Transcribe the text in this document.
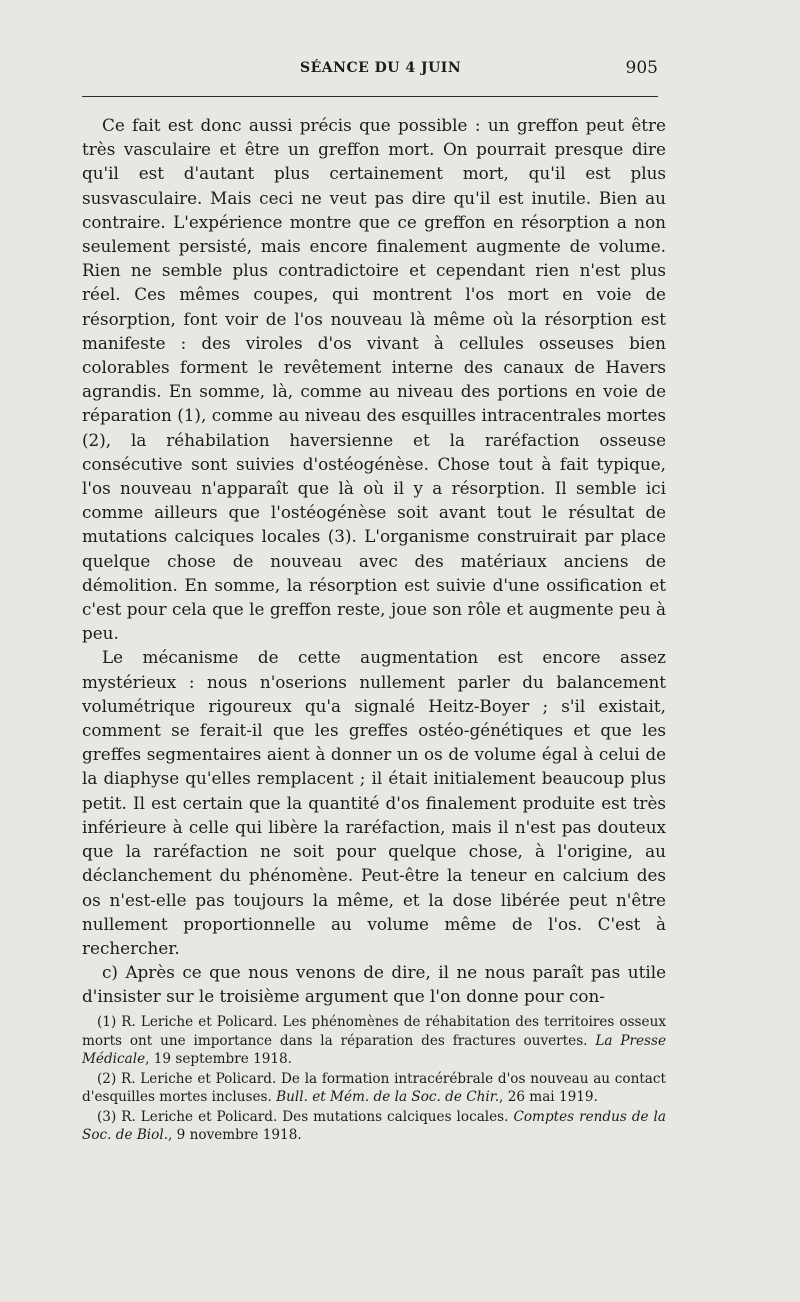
SÉANCE DU 4 JUIN	905

Ce fait est donc aussi précis que possible : un greffon peut être très vasculaire et être un greffon mort. On pourrait presque dire qu'il est d'autant plus certainement mort, qu'il est plus susvasculaire. Mais ceci ne veut pas dire qu'il est inutile. Bien au contraire. L'expérience montre que ce greffon en résorption a non seulement persisté, mais encore finalement augmente de volume. Rien ne semble plus contradictoire et cependant rien n'est plus réel. Ces mêmes coupes, qui montrent l'os mort en voie de résorption, font voir de l'os nouveau là même où la résorption est manifeste : des viroles d'os vivant à cellules osseuses bien colorables forment le revêtement interne des canaux de Havers agrandis. En somme, là, comme au niveau des portions en voie de réparation (1), comme au niveau des esquilles intracentrales mortes (2), la réhabilation haversienne et la raréfaction osseuse consécutive sont suivies d'ostéogénèse. Chose tout à fait typique, l'os nouveau n'apparaît que là où il y a résorption. Il semble ici comme ailleurs que l'ostéogénèse soit avant tout le résultat de mutations calciques locales (3). L'organisme construirait par place quelque chose de nouveau avec des matériaux anciens de démolition. En somme, la résorption est suivie d'une ossification et c'est pour cela que le greffon reste, joue son rôle et augmente peu à peu.

Le mécanisme de cette augmentation est encore assez mystérieux : nous n'oserions nullement parler du balancement volumétrique rigoureux qu'a signalé Heitz-Boyer ; s'il existait, comment se ferait-il que les greffes ostéo-génétiques et que les greffes segmentaires aient à donner un os de volume égal à celui de la diaphyse qu'elles remplacent ; il était initialement beaucoup plus petit. Il est certain que la quantité d'os finalement produite est très inférieure à celle qui libère la raréfaction, mais il n'est pas douteux que la raréfaction ne soit pour quelque chose, à l'origine, au déclanchement du phénomène. Peut-être la teneur en calcium des os n'est-elle pas toujours la même, et la dose libérée peut n'être nullement proportionnelle au volume même de l'os. C'est à rechercher.

c) Après ce que nous venons de dire, il ne nous paraît pas utile d'insister sur le troisième argument que l'on donne pour con-

(1) R. Leriche et Policard. Les phénomènes de réhabitation des territoires osseux morts ont une importance dans la réparation des fractures ouvertes. La Presse Médicale, 19 septembre 1918.

(2) R. Leriche et Policard. De la formation intracérébrale d'os nouveau au contact d'esquilles mortes incluses. Bull. et Mém. de la Soc. de Chir., 26 mai 1919.

(3) R. Leriche et Policard. Des mutations calciques locales. Comptes rendus de la Soc. de Biol., 9 novembre 1918.
